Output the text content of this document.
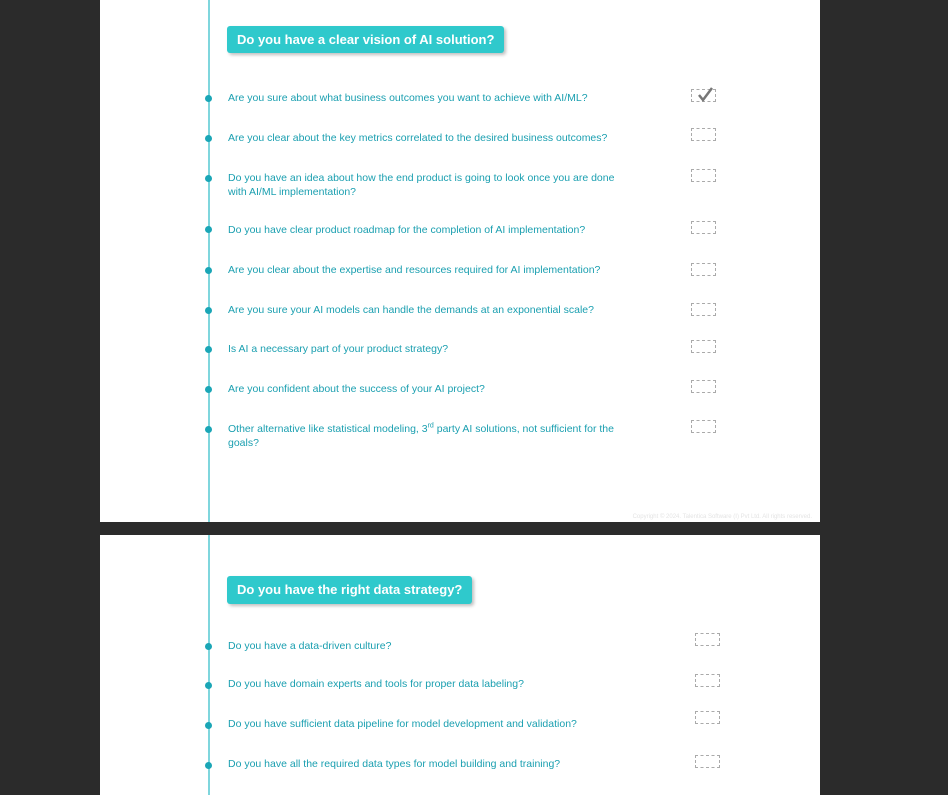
Do you have a clear vision of AI solution?
Are you sure about what business outcomes you want to achieve with AI/ML?
Are you clear about the key metrics correlated to the desired business outcomes?
Do you have an idea about how the end product is going to look once you are done with AI/ML implementation?
Do you have clear product roadmap for the completion of AI implementation?
Are you clear about the expertise and resources required for AI implementation?
Are you sure your AI models can handle the demands at an exponential scale?
Is AI a necessary part of your product strategy?
Are you confident about the success of your AI project?
Other alternative like statistical modeling, 3rd party AI solutions, not sufficient for the goals?
Copyright © 2024. Talentica Software (I) Pvt Ltd. All rights reserved.
Do you have the right data strategy?
Do you have a data-driven culture?
Do you have domain experts and tools for proper data labeling?
Do you have sufficient data pipeline for model development and validation?
Do you have all the required data types for model building and training?
